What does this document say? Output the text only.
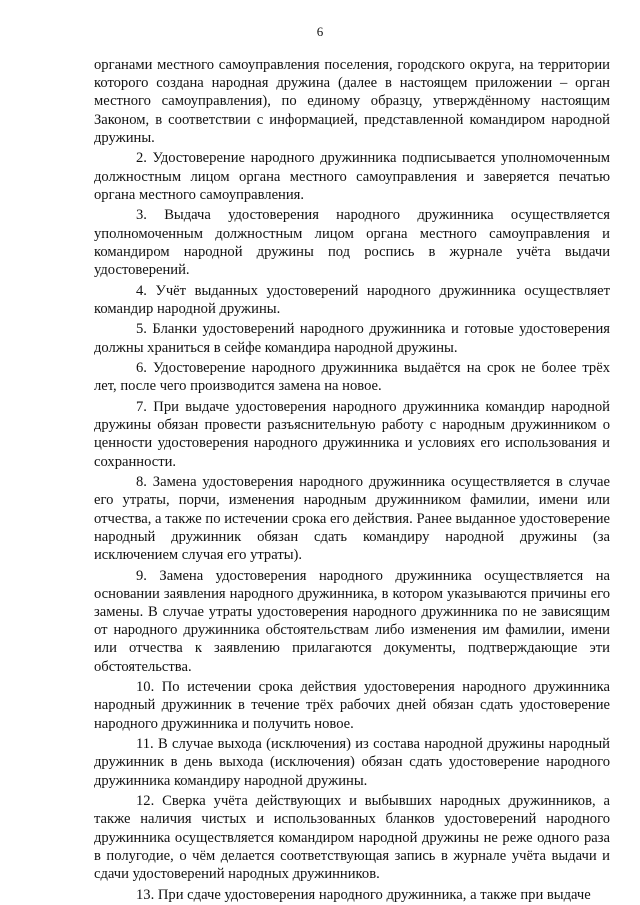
6

органами местного самоуправления поселения, городского округа, на территории которого создана народная дружина (далее в настоящем приложении – орган местного самоуправления), по единому образцу, утверждённому настоящим Законом, в соответствии с информацией, представленной командиром народной дружины.

2. Удостоверение народного дружинника подписывается уполномоченным должностным лицом органа местного самоуправления и заверяется печатью органа местного самоуправления.

3. Выдача удостоверения народного дружинника осуществляется уполномоченным должностным лицом органа местного самоуправления и командиром народной дружины под роспись в журнале учёта выдачи удостоверений.

4. Учёт выданных удостоверений народного дружинника осуществляет командир народной дружины.

5. Бланки удостоверений народного дружинника и готовые удостоверения должны храниться в сейфе командира народной дружины.

6. Удостоверение народного дружинника выдаётся на срок не более трёх лет, после чего производится замена на новое.

7. При выдаче удостоверения народного дружинника командир народной дружины обязан провести разъяснительную работу с народным дружинником о ценности удостоверения народного дружинника и условиях его использования и сохранности.

8. Замена удостоверения народного дружинника осуществляется в случае его утраты, порчи, изменения народным дружинником фамилии, имени или отчества, а также по истечении срока его действия. Ранее выданное удостоверение народный дружинник обязан сдать командиру народной дружины (за исключением случая его утраты).

9. Замена удостоверения народного дружинника осуществляется на основании заявления народного дружинника, в котором указываются причины его замены. В случае утраты удостоверения народного дружинника по не зависящим от народного дружинника обстоятельствам либо изменения им фамилии, имени или отчества к заявлению прилагаются документы, подтверждающие эти обстоятельства.

10. По истечении срока действия удостоверения народного дружинника народный дружинник в течение трёх рабочих дней обязан сдать удостоверение народного дружинника и получить новое.

11. В случае выхода (исключения) из состава народной дружины народный дружинник в день выхода (исключения) обязан сдать удостоверение народного дружинника командиру народной дружины.

12. Сверка учёта действующих и выбывших народных дружинников, а также наличия чистых и использованных бланков удостоверений народного дружинника осуществляется командиром народной дружины не реже одного раза в полугодие, о чём делается соответствующая запись в журнале учёта выдачи и сдачи удостоверений народных дружинников.

13. При сдаче удостоверения народного дружинника, а также при выдаче
